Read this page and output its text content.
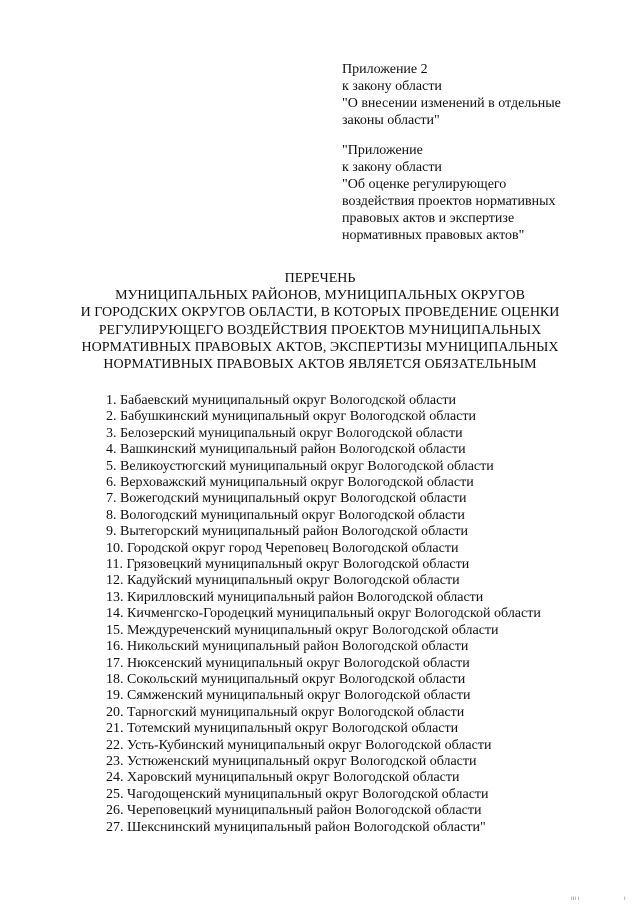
Приложение 2
к закону области
"О внесении изменений в отдельные
законы области"
"Приложение
к закону области
"Об оценке регулирующего
воздействия проектов нормативных
правовых актов и экспертизе
нормативных правовых актов"
ПЕРЕЧЕНЬ
МУНИЦИПАЛЬНЫХ РАЙОНОВ, МУНИЦИПАЛЬНЫХ ОКРУГОВ
И ГОРОДСКИХ ОКРУГОВ ОБЛАСТИ, В КОТОРЫХ ПРОВЕДЕНИЕ ОЦЕНКИ
РЕГУЛИРУЮЩЕГО ВОЗДЕЙСТВИЯ ПРОЕКТОВ МУНИЦИПАЛЬНЫХ
НОРМАТИВНЫХ ПРАВОВЫХ АКТОВ, ЭКСПЕРТИЗЫ МУНИЦИПАЛЬНЫХ
НОРМАТИВНЫХ ПРАВОВЫХ АКТОВ ЯВЛЯЕТСЯ ОБЯЗАТЕЛЬНЫМ
1. Бабаевский муниципальный округ Вологодской области
2. Бабушкинский муниципальный округ Вологодской области
3. Белозерский муниципальный округ Вологодской области
4. Вашкинский муниципальный район Вологодской области
5. Великоустюгский муниципальный округ Вологодской области
6. Верховажский муниципальный округ Вологодской области
7. Вожегодский муниципальный округ Вологодской области
8. Вологодский муниципальный округ Вологодской области
9. Вытегорский муниципальный район Вологодской области
10. Городской округ город Череповец Вологодской области
11. Грязовецкий муниципальный округ Вологодской области
12. Кадуйский муниципальный округ Вологодской области
13. Кирилловский муниципальный район Вологодской области
14. Кичменгско-Городецкий муниципальный округ Вологодской области
15. Междуреченский муниципальный округ Вологодской области
16. Никольский муниципальный район Вологодской области
17. Нюксенский муниципальный округ Вологодской области
18. Сокольский муниципальный округ Вологодской области
19. Сямженский муниципальный округ Вологодской области
20. Тарногский муниципальный округ Вологодской области
21. Тотемский муниципальный округ Вологодской области
22. Усть-Кубинский муниципальный округ Вологодской области
23. Устюженский муниципальный округ Вологодской области
24. Харовский муниципальный округ Вологодской области
25. Чагодощенский муниципальный округ Вологодской области
26. Череповецкий муниципальный район Вологодской области
27. Шекснинский муниципальный район Вологодской области"
ııı ı	ı
